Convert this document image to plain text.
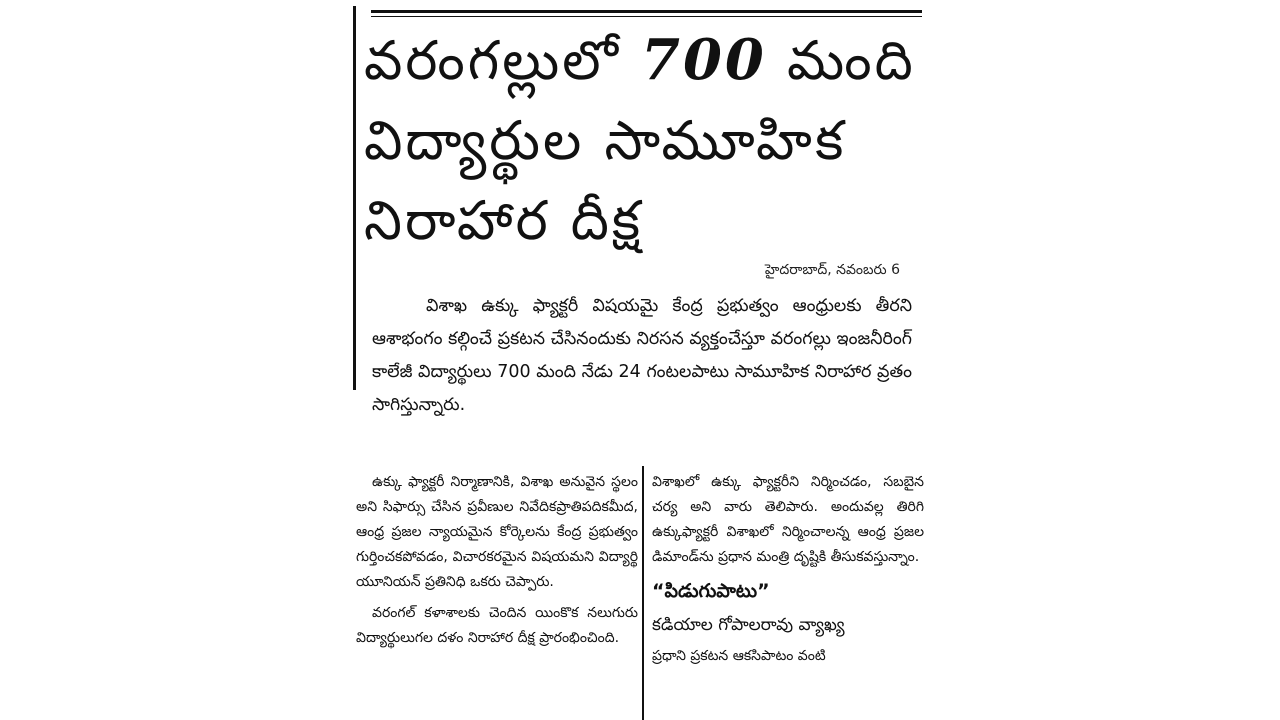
వరంగల్లులో 700 మంది
విద్యార్థుల సామూహిక
నిరాహార దీక్ష
హైదరాబాద్, నవంబరు 6

విశాఖ ఉక్కు ఫ్యాక్టరీ విషయమై కేంద్ర ప్రభుత్వం ఆంధ్రులకు తీరని ఆశాభంగం కల్గించే ప్రకటన చేసినందుకు నిరసన వ్యక్తంచేస్తూ వరంగల్లు ఇంజనీరింగ్ కాలేజీ విద్యార్థులు 700 మంది నేడు 24 గంటలపాటు సామూహిక నిరాహార వ్రతం సాగిస్తున్నారు.

ఉక్కు ఫ్యాక్టరీ నిర్మాణానికి, విశాఖ అనువైన స్థలం అని సిఫార్సు చేసిన ప్రవీణుల నివేదికప్రాతిపదికమీద, ఆంధ్ర ప్రజల న్యాయమైన కోర్కెలను కేంద్ర ప్రభుత్వం గుర్తించకపోవడం, విచారకరమైన విషయమని విద్యార్థి యూనియన్ ప్రతినిధి ఒకరు చెప్పారు.

వరంగల్ కళాశాలకు చెందిన యింకొక నలుగురు విద్యార్థులుగల దళం నిరాహార దీక్ష ప్రారంభించింది.

విశాఖలో ఉక్కు ఫ్యాక్టరీని నిర్మించడం, సబబైన చర్య అని వారు తెలిపారు. అందువల్ల తిరిగి ఉక్కుఫ్యాక్టరీ విశాఖలో నిర్మించాలన్న ఆంధ్ర ప్రజల డిమాండ్‌ను ప్రధాన మంత్రి దృష్టికి తీసుకవస్తున్నాం.

“పిడుగుపాటు”
కడియాల గోపాలరావు వ్యాఖ్య

ప్రధాని ప్రకటన ఆకసిపాటం వంటి
